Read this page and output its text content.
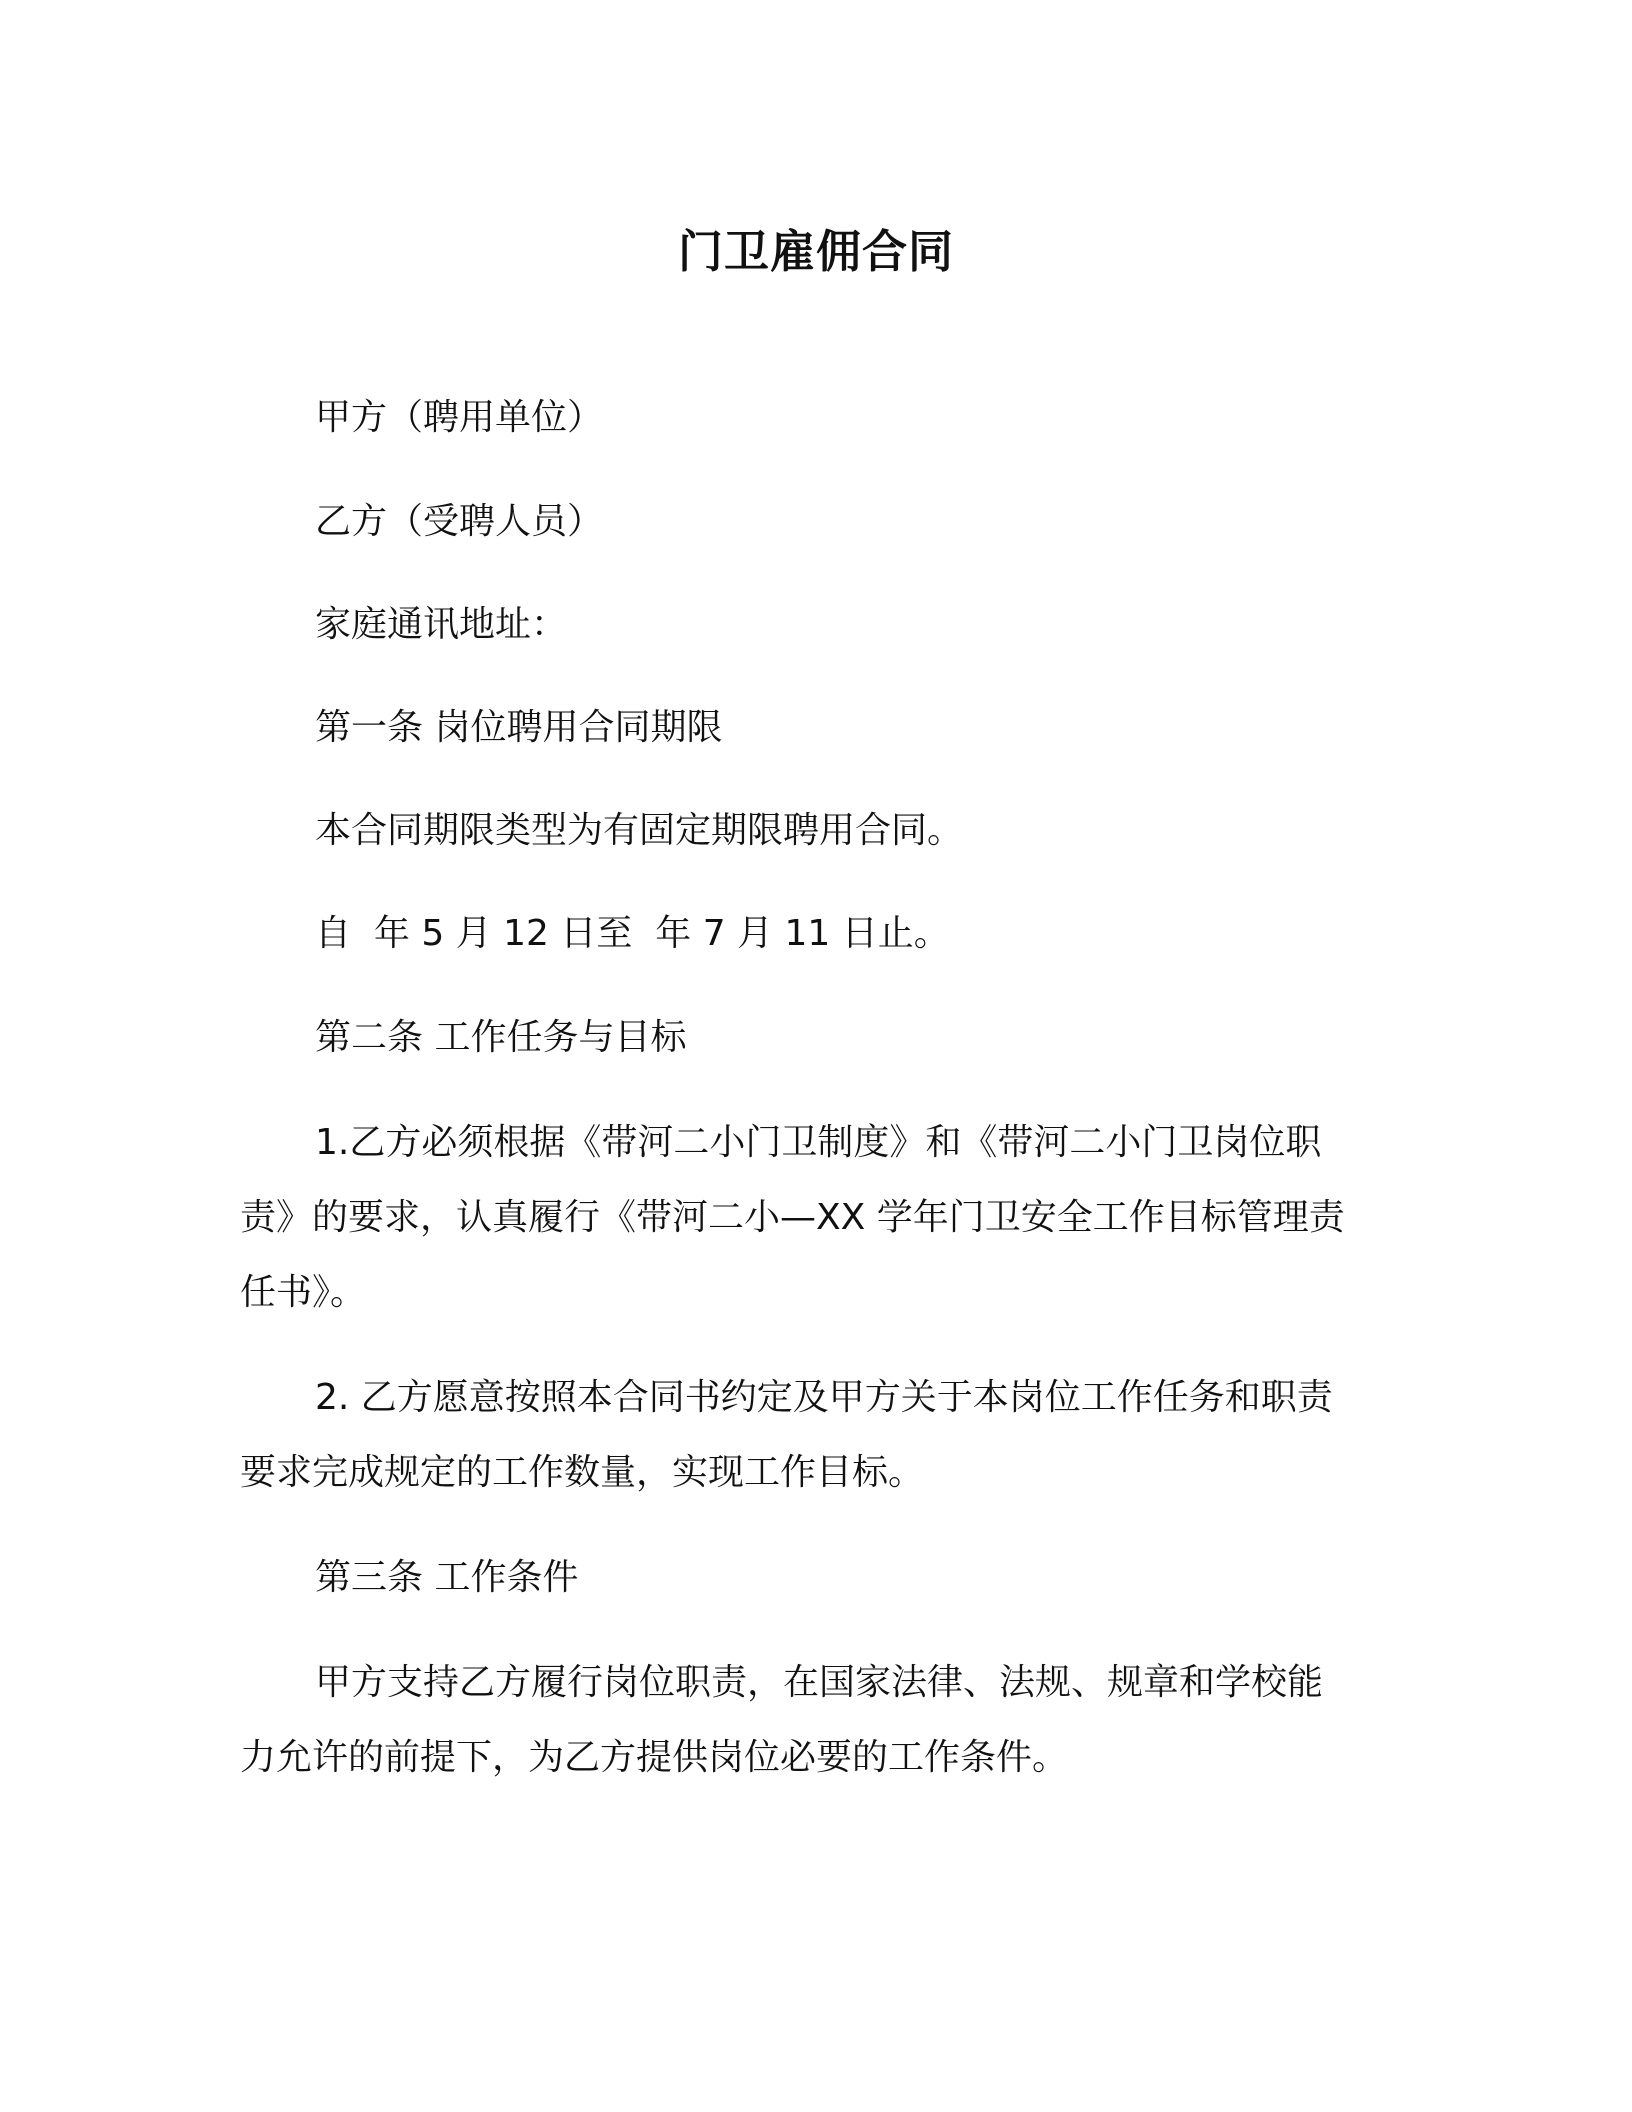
门卫雇佣合同

甲方（聘用单位）

乙方（受聘人员）

家庭通讯地址：

第一条 岗位聘用合同期限

本合同期限类型为有固定期限聘用合同。

自  年 5 月 12 日至  年 7 月 11 日止。

第二条 工作任务与目标

1.乙方必须根据《带河二小门卫制度》和《带河二小门卫岗位职

责》的要求，认真履行《带河二小—XX 学年门卫安全工作目标管理责

任书》。

2. 乙方愿意按照本合同书约定及甲方关于本岗位工作任务和职责

要求完成规定的工作数量，实现工作目标。

第三条 工作条件

甲方支持乙方履行岗位职责，在国家法律、法规、规章和学校能

力允许的前提下，为乙方提供岗位必要的工作条件。
